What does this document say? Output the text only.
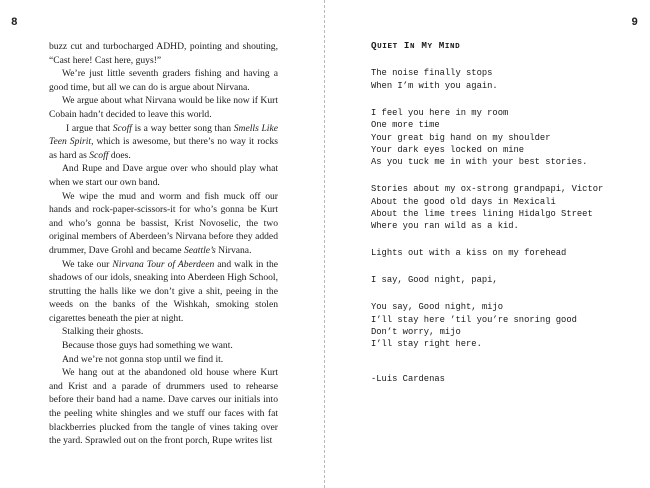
8

buzz cut and turbocharged ADHD, pointing and shouting, “Cast here! Cast here, guys!”

We’re just little seventh graders fishing and having a good time, but all we can do is argue about Nirvana.

We argue about what Nirvana would be like now if Kurt Cobain hadn’t decided to leave this world.

I argue that Scoff is a way better song than Smells Like Teen Spirit, which is awesome, but there’s no way it rocks as hard as Scoff does.

And Rupe and Dave argue over who should play what when we start our own band.

We wipe the mud and worm and fish muck off our hands and rock-paper-scissors-it for who’s gonna be Kurt and who’s gonna be bassist, Krist Novoselic, the two original members of Aberdeen’s Nirvana before they added drummer, Dave Grohl and became Seattle’s Nirvana.

We take our Nirvana Tour of Aberdeen and walk in the shadows of our idols, sneaking into Aberdeen High School, strutting the halls like we don’t give a shit, peeing in the weeds on the banks of the Wishkah, smoking stolen cigarettes beneath the pier at night.

Stalking their ghosts.

Because those guys had something we want.

And we’re not gonna stop until we find it.

We hang out at the abandoned old house where Kurt and Krist and a parade of drummers used to rehearse before their band had a name. Dave carves our initials into the peeling white shingles and we stuff our faces with fat blackberries plucked from the tangle of vines taking over the yard. Sprawled out on the front porch, Rupe writes list

9
QUIET IN MY MIND
The noise finally stops
When I’m with you again.
I feel you here in my room
One more time
Your great big hand on my shoulder
Your dark eyes locked on mine
As you tuck me in with your best stories.
Stories about my ox-strong grandpapi, Victor
About the good old days in Mexicali
About the lime trees lining Hidalgo Street
Where you ran wild as a kid.
Lights out with a kiss on my forehead
I say, Good night, papi,
You say, Good night, mijo
I’ll stay here ’til you’re snoring good
Don’t worry, mijo
I’ll stay right here.
-Luis Cardenas
